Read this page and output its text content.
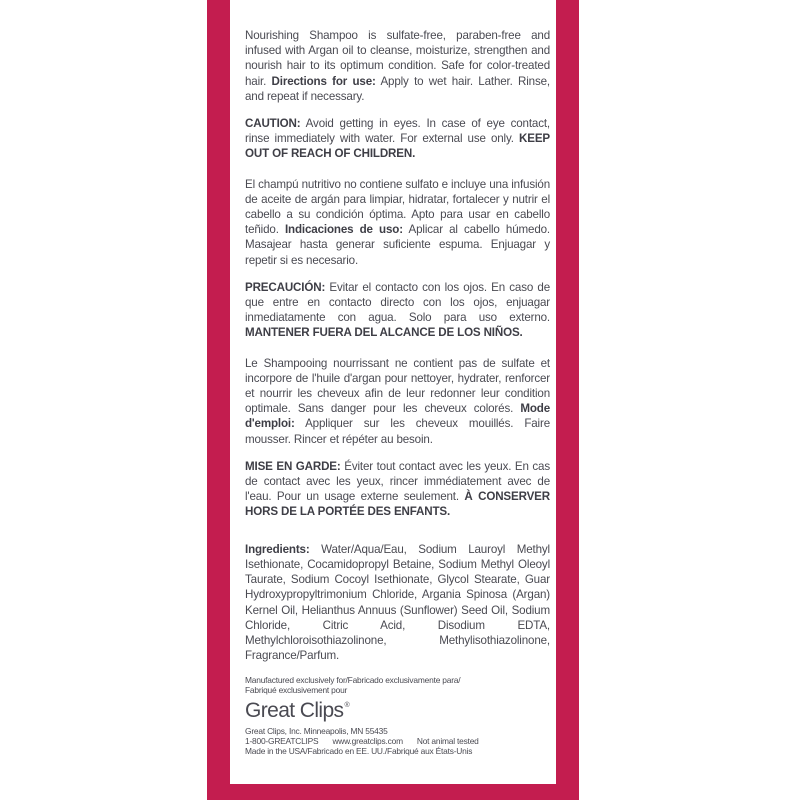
Nourishing Shampoo is sulfate-free, paraben-free and infused with Argan oil to cleanse, moisturize, strengthen and nourish hair to its optimum condition. Safe for color-treated hair. Directions for use: Apply to wet hair. Lather. Rinse, and repeat if necessary.

CAUTION: Avoid getting in eyes. In case of eye contact, rinse immediately with water. For external use only. KEEP OUT OF REACH OF CHILDREN.

El champú nutritivo no contiene sulfato e incluye una infusión de aceite de argán para limpiar, hidratar, fortalecer y nutrir el cabello a su condición óptima. Apto para usar en cabello teñido. Indicaciones de uso: Aplicar al cabello húmedo. Masajear hasta generar suficiente espuma. Enjuagar y repetir si es necesario.

PRECAUCIÓN: Evitar el contacto con los ojos. En caso de que entre en contacto directo con los ojos, enjuagar inmediatamente con agua. Solo para uso externo. MANTENER FUERA DEL ALCANCE DE LOS NIÑOS.

Le Shampooing nourrissant ne contient pas de sulfate et incorpore de l'huile d'argan pour nettoyer, hydrater, renforcer et nourrir les cheveux afin de leur redonner leur condition optimale. Sans danger pour les cheveux colorés. Mode d'emploi: Appliquer sur les cheveux mouillés. Faire mousser. Rincer et répéter au besoin.

MISE EN GARDE: Éviter tout contact avec les yeux. En cas de contact avec les yeux, rincer immédiatement avec de l'eau. Pour un usage externe seulement. À CONSERVER HORS DE LA PORTÉE DES ENFANTS.

Ingredients: Water/Aqua/Eau, Sodium Lauroyl Methyl Isethionate, Cocamidopropyl Betaine, Sodium Methyl Oleoyl Taurate, Sodium Cocoyl Isethionate, Glycol Stearate, Guar Hydroxypropyltrimonium Chloride, Argania Spinosa (Argan) Kernel Oil, Helianthus Annuus (Sunflower) Seed Oil, Sodium Chloride, Citric Acid, Disodium EDTA, Methylchloroisothiazolinone, Methylisothiazolinone, Fragrance/Parfum.

Manufactured exclusively for/Fabricado exclusivamente para/

Fabriqué exclusivement pour

Great Clips ®

Great Clips, Inc. Minneapolis, MN 55435

1-800-GREATCLIPS www.greatclips.com Not animal tested

Made in the USA/Fabricado en EE. UU./Fabriqué aux États-Unis
